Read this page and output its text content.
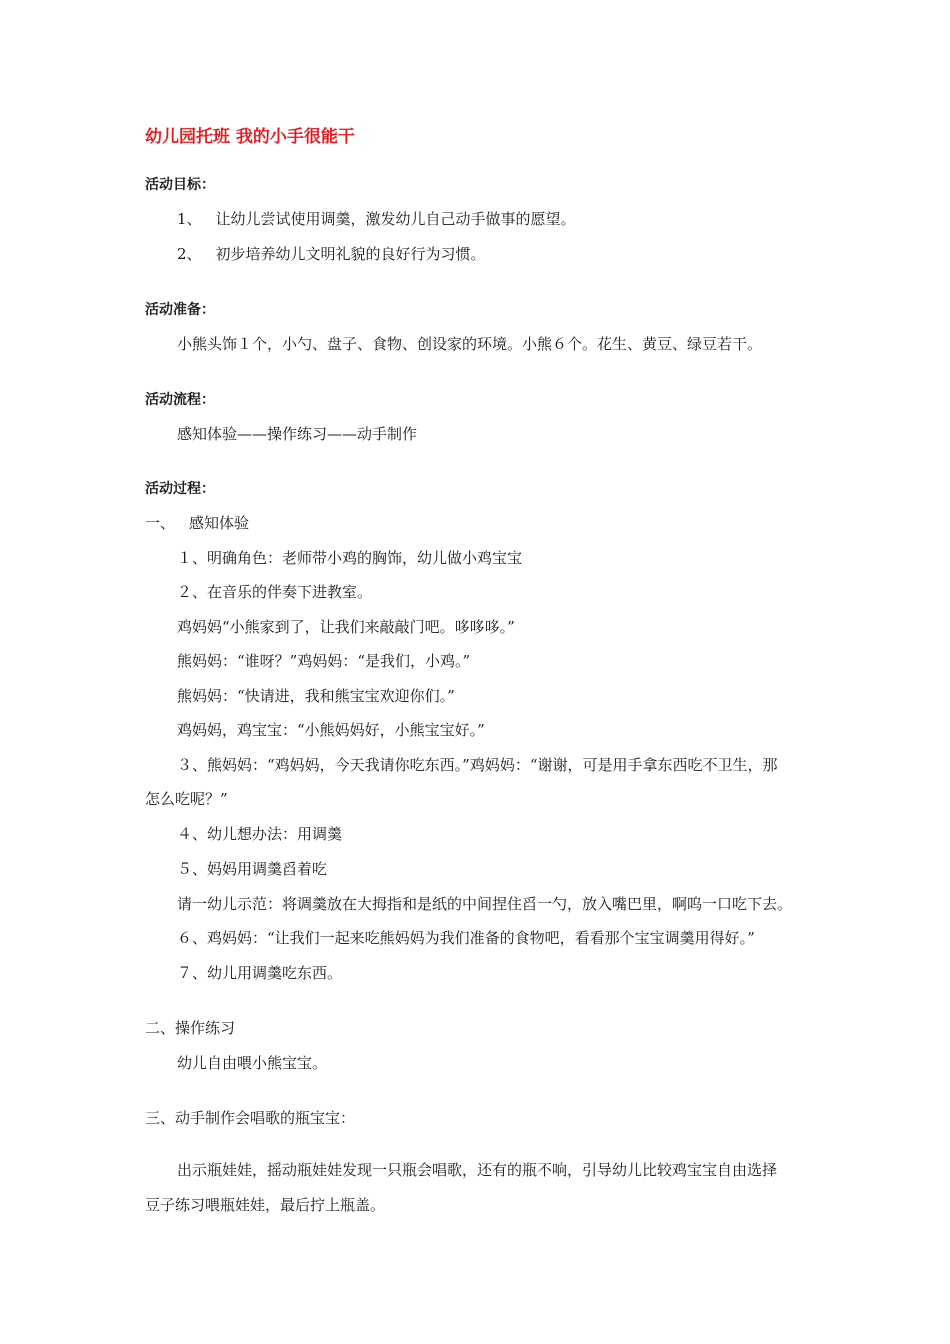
幼儿园托班 我的小手很能干
活动目标：
1、 让幼儿尝试使用调羹，激发幼儿自己动手做事的愿望。
2、 初步培养幼儿文明礼貌的良好行为习惯。
活动准备：
小熊头饰１个，小勺、盘子、食物、创设家的环境。小熊６个。花生、黄豆、绿豆若干。
活动流程：
感知体验——操作练习——动手制作
活动过程：
一、 感知体验
１、明确角色：老师带小鸡的胸饰，幼儿做小鸡宝宝
２、在音乐的伴奏下进教室。
鸡妈妈“小熊家到了，让我们来敲敲门吧。哆哆哆。”
熊妈妈：“谁呀？”鸡妈妈：“是我们，小鸡。”
熊妈妈：“快请进，我和熊宝宝欢迎你们。”
鸡妈妈，鸡宝宝：“小熊妈妈好，小熊宝宝好。”
３、熊妈妈：“鸡妈妈，今天我请你吃东西。”鸡妈妈：“谢谢，可是用手拿东西吃不卫生，那
怎么吃呢？”
４、幼儿想办法：用调羹
５、妈妈用调羹舀着吃
请一幼儿示范：将调羹放在大拇指和是纸的中间捏住舀一勺，放入嘴巴里，啊呜一口吃下去。
６、鸡妈妈：“让我们一起来吃熊妈妈为我们准备的食物吧，看看那个宝宝调羹用得好。”
７、幼儿用调羹吃东西。
二、操作练习
幼儿自由喂小熊宝宝。
三、动手制作会唱歌的瓶宝宝：
出示瓶娃娃，摇动瓶娃娃发现一只瓶会唱歌，还有的瓶不响，引导幼儿比较鸡宝宝自由选择
豆子练习喂瓶娃娃，最后拧上瓶盖。
